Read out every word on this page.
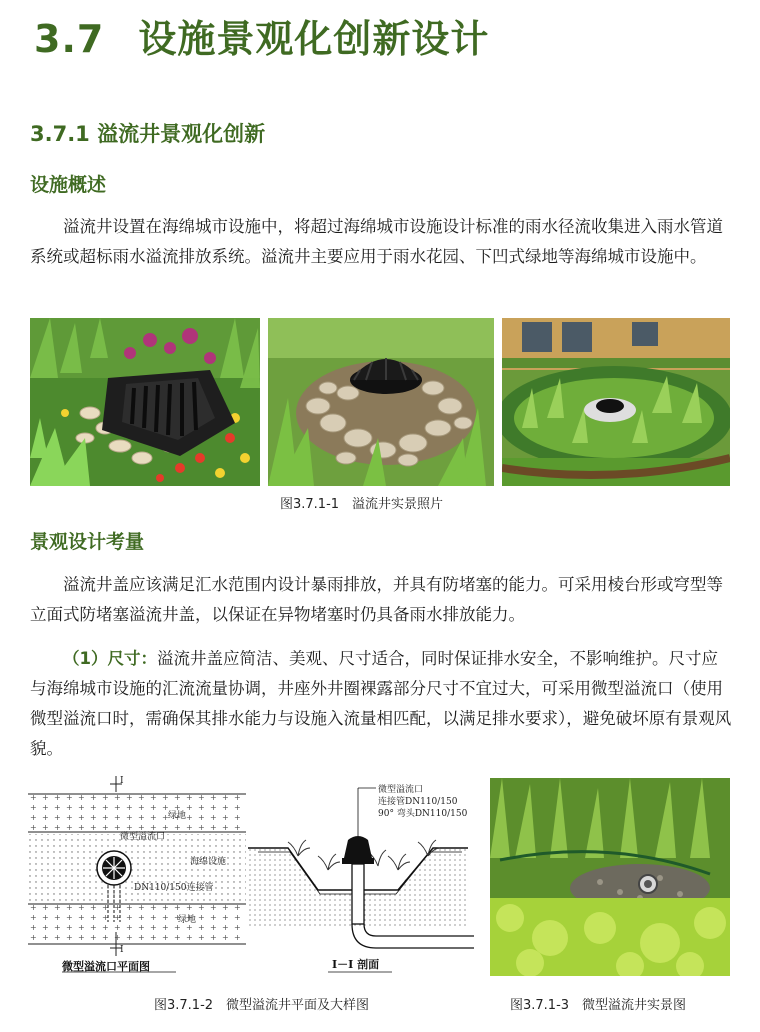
3.7 设施景观化创新设计
3.7.1 溢流井景观化创新
设施概述

溢流井设置在海绵城市设施中，将超过海绵城市设施设计标准的雨水径流收集进入雨水管道系统或超标雨水溢流排放系统。溢流井主要应用于雨水花园、下凹式绿地等海绵城市设施中。

图3.7.1-1　溢流井实景照片
景观设计考量

溢流井盖应该满足汇水范围内设计暴雨排放，并具有防堵塞的能力。可采用棱台形或穹型等立面式防堵塞溢流井盖，以保证在异物堵塞时仍具备雨水排放能力。

（1）尺寸：溢流井盖应简洁、美观、尺寸适合，同时保证排水安全，不影响维护。尺寸应与海绵城市设施的汇流流量协调，井座外井圈裸露部分尺寸不宜过大，可采用微型溢流口（使用微型溢流口时，需确保其排水能力与设施入流量相匹配，以满足排水要求），避免破坏原有景观风貌。

I
I
绿地
微型溢流口
海绵设施
DN110/150连接管
绿地
微型溢流口平面图
微型溢流口
连接管DN110/150
90° 弯头DN110/150
I－I 剖面
图3.7.1-2　微型溢流井平面及大样图	图3.7.1-3　微型溢流井实景图
